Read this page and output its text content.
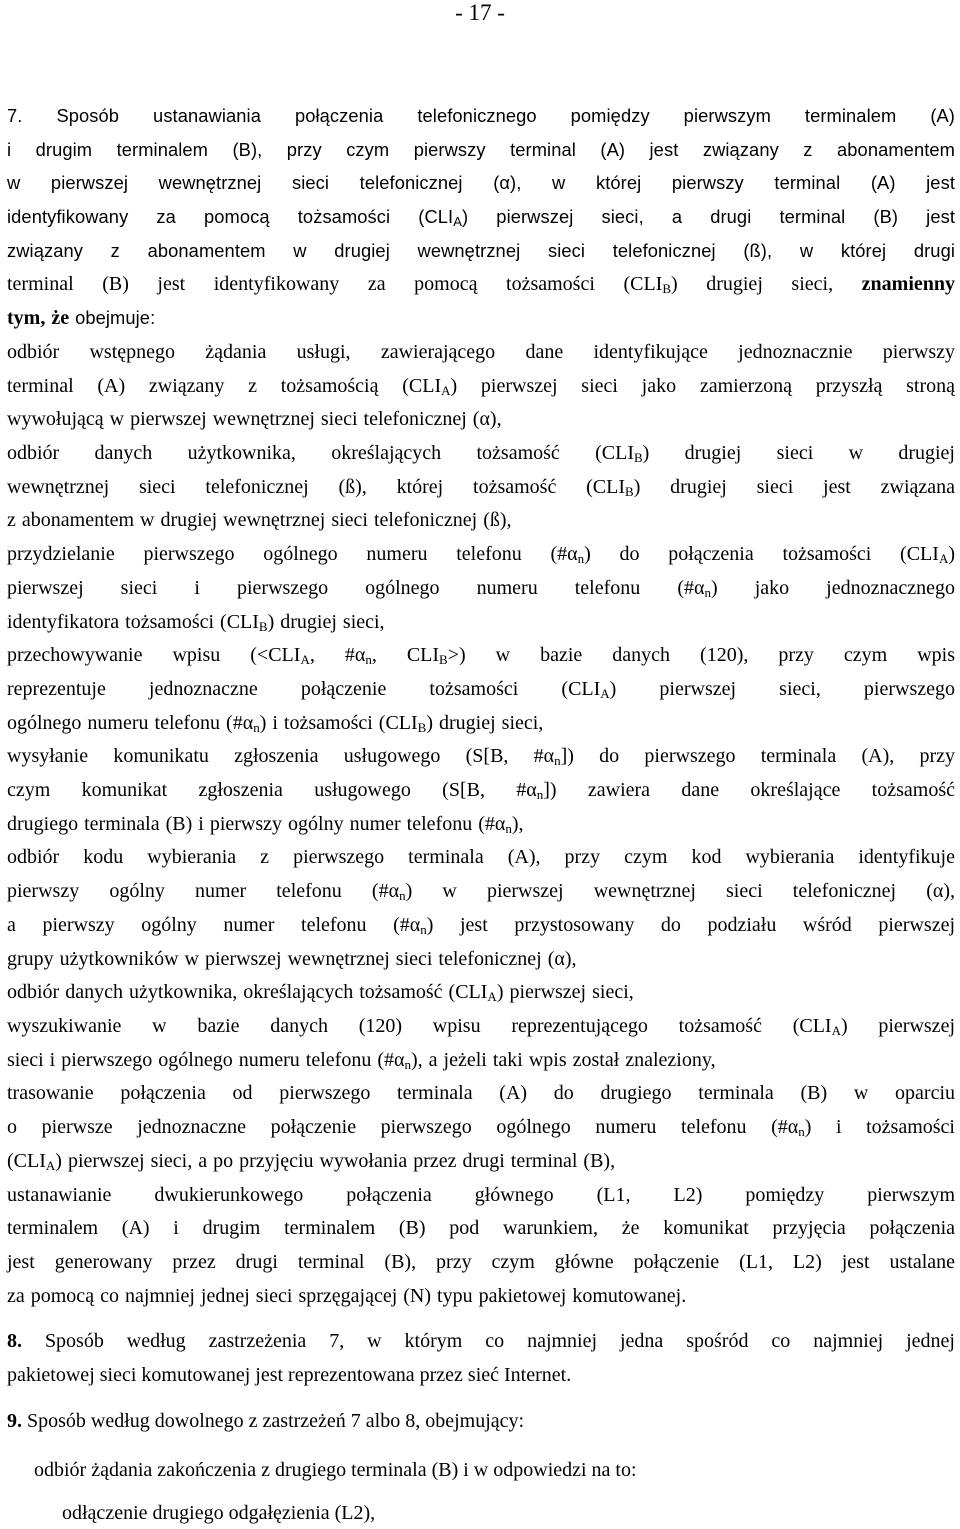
- 17 -
7. Sposób ustanawiania połączenia telefonicznego pomiędzy pierwszym terminalem (A)
i drugim terminalem (B), przy czym pierwszy terminal (A) jest związany z abonamentem
w pierwszej wewnętrznej sieci telefonicznej (α), w której pierwszy terminal (A) jest
identyfikowany za pomocą tożsamości $(CLI_A)$ pierwszej sieci, a drugi terminal (B) jest
związany z abonamentem w drugiej wewnętrznej sieci telefonicznej (ß), w której drugi
terminal (B) jest identyfikowany za pomocą tożsamości $(CLI_B)$ drugiej sieci, znamienny
tym, że obejmuje:
odbiór wstępnego żądania usługi, zawierającego dane identyfikujące jednoznacznie pierwszy
terminal (A) związany z tożsamością $(CLI_A)$ pierwszej sieci jako zamierzoną przyszłą stroną
wywołującą w pierwszej wewnętrznej sieci telefonicznej (α),
odbiór danych użytkownika, określających tożsamość $(CLI_B)$ drugiej sieci w drugiej
wewnętrznej sieci telefonicznej (ß), której tożsamość $(CLI_B)$ drugiej sieci jest związana
z abonamentem w drugiej wewnętrznej sieci telefonicznej (ß),
przydzielanie pierwszego ogólnego numeru telefonu $(\#\alpha_n)$ do połączenia tożsamości $(CLI_A)$
pierwszej sieci i pierwszego ogólnego numeru telefonu $(\#\alpha_n)$ jako jednoznacznego
identyfikatora tożsamości $(CLI_B)$ drugiej sieci,
przechowywanie wpisu ($<CLI_A$, $\#\alpha_n$, $CLI_B>$) w bazie danych (120), przy czym wpis
reprezentuje jednoznaczne połączenie tożsamości $(CLI_A)$ pierwszej sieci, pierwszego
ogólnego numeru telefonu $(\#\alpha_n)$ i tożsamości $(CLI_B)$ drugiej sieci,
wysyłanie komunikatu zgłoszenia usługowego (S[B, $\#\alpha_n$]) do pierwszego terminala (A), przy
czym komunikat zgłoszenia usługowego (S[B, $\#\alpha_n$]) zawiera dane określające tożsamość
drugiego terminala (B) i pierwszy ogólny numer telefonu $(\#\alpha_n)$,
odbiór kodu wybierania z pierwszego terminala (A), przy czym kod wybierania identyfikuje
pierwszy ogólny numer telefonu $(\#\alpha_n)$ w pierwszej wewnętrznej sieci telefonicznej (α),
a pierwszy ogólny numer telefonu $(\#\alpha_n)$ jest przystosowany do podziału wśród pierwszej
grupy użytkowników w pierwszej wewnętrznej sieci telefonicznej (α),
odbiór danych użytkownika, określających tożsamość $(CLI_A)$ pierwszej sieci,
wyszukiwanie w bazie danych (120) wpisu reprezentującego tożsamość $(CLI_A)$ pierwszej
sieci i pierwszego ogólnego numeru telefonu $(\#\alpha_n)$, a jeżeli taki wpis został znaleziony,
trasowanie połączenia od pierwszego terminala (A) do drugiego terminala (B) w oparciu
o pierwsze jednoznaczne połączenie pierwszego ogólnego numeru telefonu $(\#\alpha_n)$ i tożsamości
$(CLI_A)$ pierwszej sieci, a po przyjęciu wywołania przez drugi terminal (B),
ustanawianie dwukierunkowego połączenia głównego (L1, L2) pomiędzy pierwszym
terminalem (A) i drugim terminalem (B) pod warunkiem, że komunikat przyjęcia połączenia
jest generowany przez drugi terminal (B), przy czym główne połączenie (L1, L2) jest ustalane
za pomocą co najmniej jednej sieci sprzęgającej (N) typu pakietowej komutowanej.
8. Sposób według zastrzeżenia 7, w którym co najmniej jedna spośród co najmniej jednej
pakietowej sieci komutowanej jest reprezentowana przez sieć Internet.
9. Sposób według dowolnego z zastrzeżeń 7 albo 8, obejmujący:
odbiór żądania zakończenia z drugiego terminala (B) i w odpowiedzi na to:
odłączenie drugiego odgałęzienia (L2),
